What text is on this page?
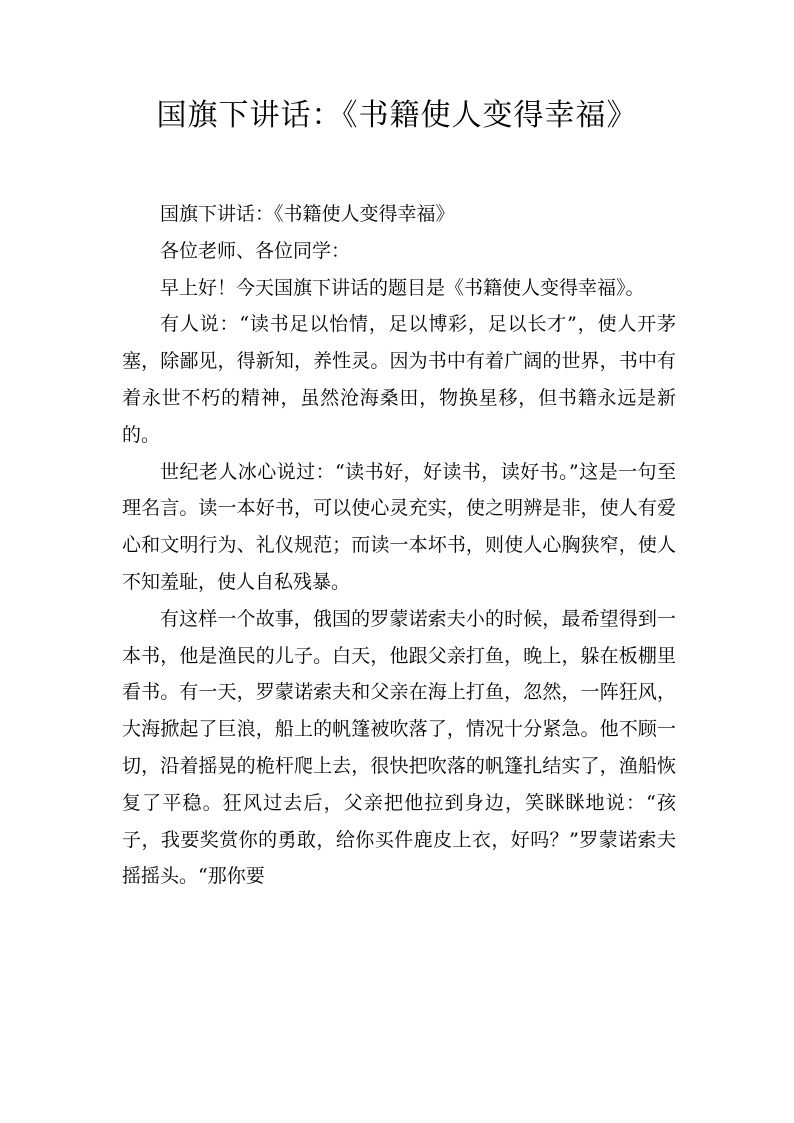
国旗下讲话：《书籍使人变得幸福》

国旗下讲话：《书籍使人变得幸福》

各位老师、各位同学：

早上好！今天国旗下讲话的题目是《书籍使人变得幸福》。

有人说：“读书足以怡情，足以博彩，足以长才”，使人开茅塞，除鄙见，得新知，养性灵。因为书中有着广阔的世界，书中有着永世不朽的精神，虽然沧海桑田，物换星移，但书籍永远是新的。

世纪老人冰心说过：“读书好，好读书，读好书。”这是一句至理名言。读一本好书，可以使心灵充实，使之明辨是非，使人有爱心和文明行为、礼仪规范；而读一本坏书，则使人心胸狭窄，使人不知羞耻，使人自私残暴。

有这样一个故事，俄国的罗蒙诺索夫小的时候，最希望得到一本书，他是渔民的儿子。白天，他跟父亲打鱼，晚上，躲在板棚里看书。有一天，罗蒙诺索夫和父亲在海上打鱼，忽然，一阵狂风，大海掀起了巨浪，船上的帆篷被吹落了，情况十分紧急。他不顾一切，沿着摇晃的桅杆爬上去，很快把吹落的帆篷扎结实了，渔船恢复了平稳。狂风过去后，父亲把他拉到身边，笑眯眯地说：“孩子，我要奖赏你的勇敢，给你买件鹿皮上衣，好吗？”罗蒙诺索夫摇摇头。“那你要
